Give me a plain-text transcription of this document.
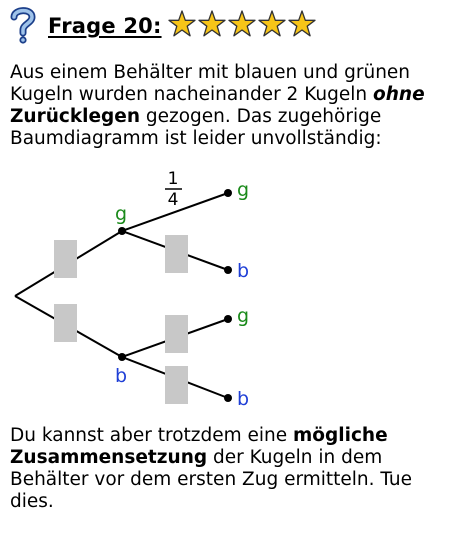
Frage 20:

Aus einem Behälter mit blauen und grünen Kugeln wurden nacheinander 2 Kugeln ohne Zurücklegen gezogen. Das zugehörige Baumdiagramm ist leider unvollständig:

1
4
g
b
g
b
g
b

Du kannst aber trotzdem eine mögliche Zusammensetzung der Kugeln in dem Behälter vor dem ersten Zug ermitteln. Tue dies.
